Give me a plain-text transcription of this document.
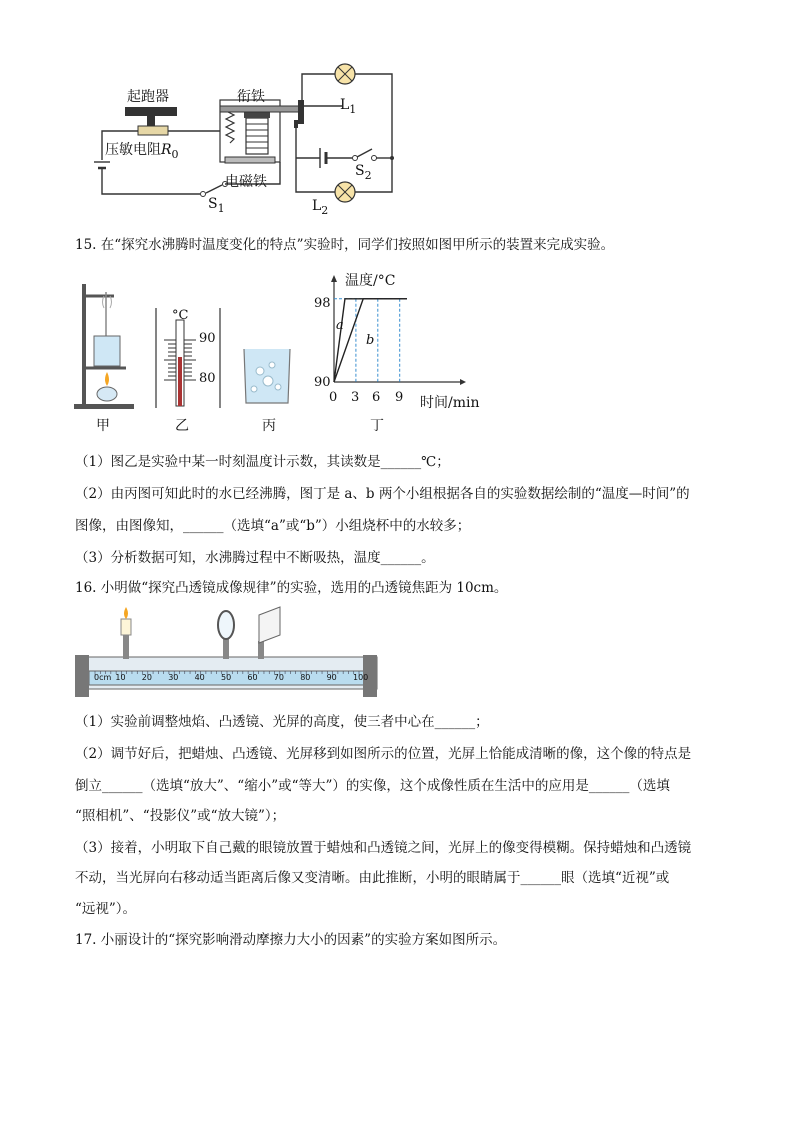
起跑器	衔铁
压敏电阻$R_0$
电磁铁
$S_1$
$S_2$
$L_1$
$L_2$
15. 在“探究水沸腾时温度变化的特点”实验时，同学们按照如图甲所示的装置来完成实验。
甲
°C
90
80
乙	丙
温度/°C
98
90
0 3 6 9 时间/min
a
b
丁
（1）图乙是实验中某一时刻温度计示数，其读数是______℃；
（2）由丙图可知此时的水已经沸腾，图丁是 a、b 两个小组根据各自的实验数据绘制的“温度—时间”的
图像，由图像知，______（选填“a”或“b”）小组烧杯中的水较多；
（3）分析数据可知，水沸腾过程中不断吸热，温度______。
16. 小明做“探究凸透镜成像规律”的实验，选用的凸透镜焦距为 10cm。
0cm 10 20 30 40 50 60 70 80 90 100
（1）实验前调整烛焰、凸透镜、光屏的高度，使三者中心在______；
（2）调节好后，把蜡烛、凸透镜、光屏移到如图所示的位置，光屏上恰能成清晰的像，这个像的特点是
倒立______（选填“放大”、“缩小”或“等大”）的实像，这个成像性质在生活中的应用是______（选填
“照相机”、“投影仪”或“放大镜”）；
（3）接着，小明取下自己戴的眼镜放置于蜡烛和凸透镜之间，光屏上的像变得模糊。保持蜡烛和凸透镜
不动，当光屏向右移动适当距离后像又变清晰。由此推断，小明的眼睛属于______眼（选填“近视”或
“远视”）。
17. 小丽设计的“探究影响滑动摩擦力大小的因素”的实验方案如图所示。
